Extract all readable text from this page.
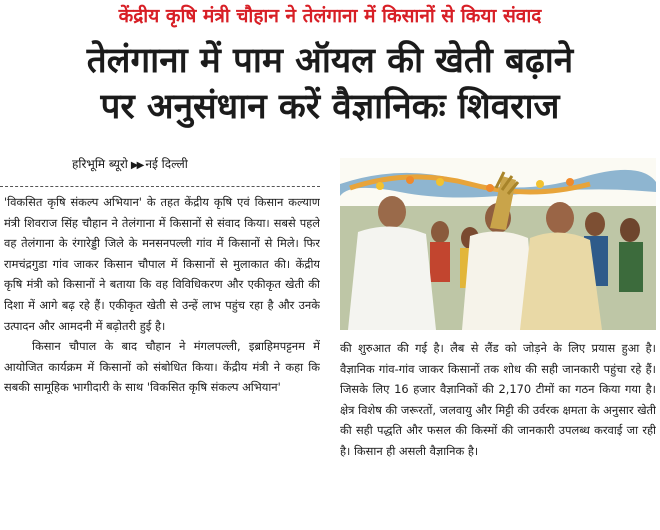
केंद्रीय कृषि मंत्री चौहान ने तेलंगाना में किसानों से किया संवाद
तेलंगाना में पाम ऑयल की खेती बढ़ाने
पर अनुसंधान करें वैज्ञानिकः शिवराज
हरिभूमि ब्यूरो ▶▶ नई दिल्ली

'विकसित कृषि संकल्प अभियान' के तहत केंद्रीय कृषि एवं किसान कल्याण मंत्री शिवराज सिंह चौहान ने तेलंगाना में किसानों से संवाद किया। सबसे पहले वह तेलंगाना के रंगारेड्डी जिले के मनसनपल्ली गांव में किसानों से मिले। फिर रामचंद्रगुडा गांव जाकर किसान चौपाल में किसानों से मुलाकात की। केंद्रीय कृषि मंत्री को किसानों ने बताया कि वह विविधिकरण और एकीकृत खेती की दिशा में आगे बढ़ रहे हैं। एकीकृत खेती से उन्हें लाभ पहुंच रहा है और उनके उत्पादन और आमदनी में बढ़ोतरी हुई है।

किसान चौपाल के बाद चौहान ने मंगलपल्ली, इब्राहिमपट्टनम में आयोजित कार्यक्रम में किसानों को संबोधित किया। केंद्रीय मंत्री ने कहा कि सबकी सामूहिक भागीदारी के साथ 'विकसित कृषि संकल्प अभियान'

की शुरुआत की गई है। लैब से लैंड को जोड़ने के लिए प्रयास हुआ है। वैज्ञानिक गांव-गांव जाकर किसानों तक शोध की सही जानकारी पहुंचा रहे हैं। जिसके लिए 16 हजार वैज्ञानिकों की 2,170 टीमों का गठन किया गया है। क्षेत्र विशेष की जरूरतों, जलवायु और मिट्टी की उर्वरक क्षमता के अनुसार खेती की सही पद्धति और फसल की किस्मों की जानकारी उपलब्ध करवाई जा रही है। किसान ही असली वैज्ञानिक है।
